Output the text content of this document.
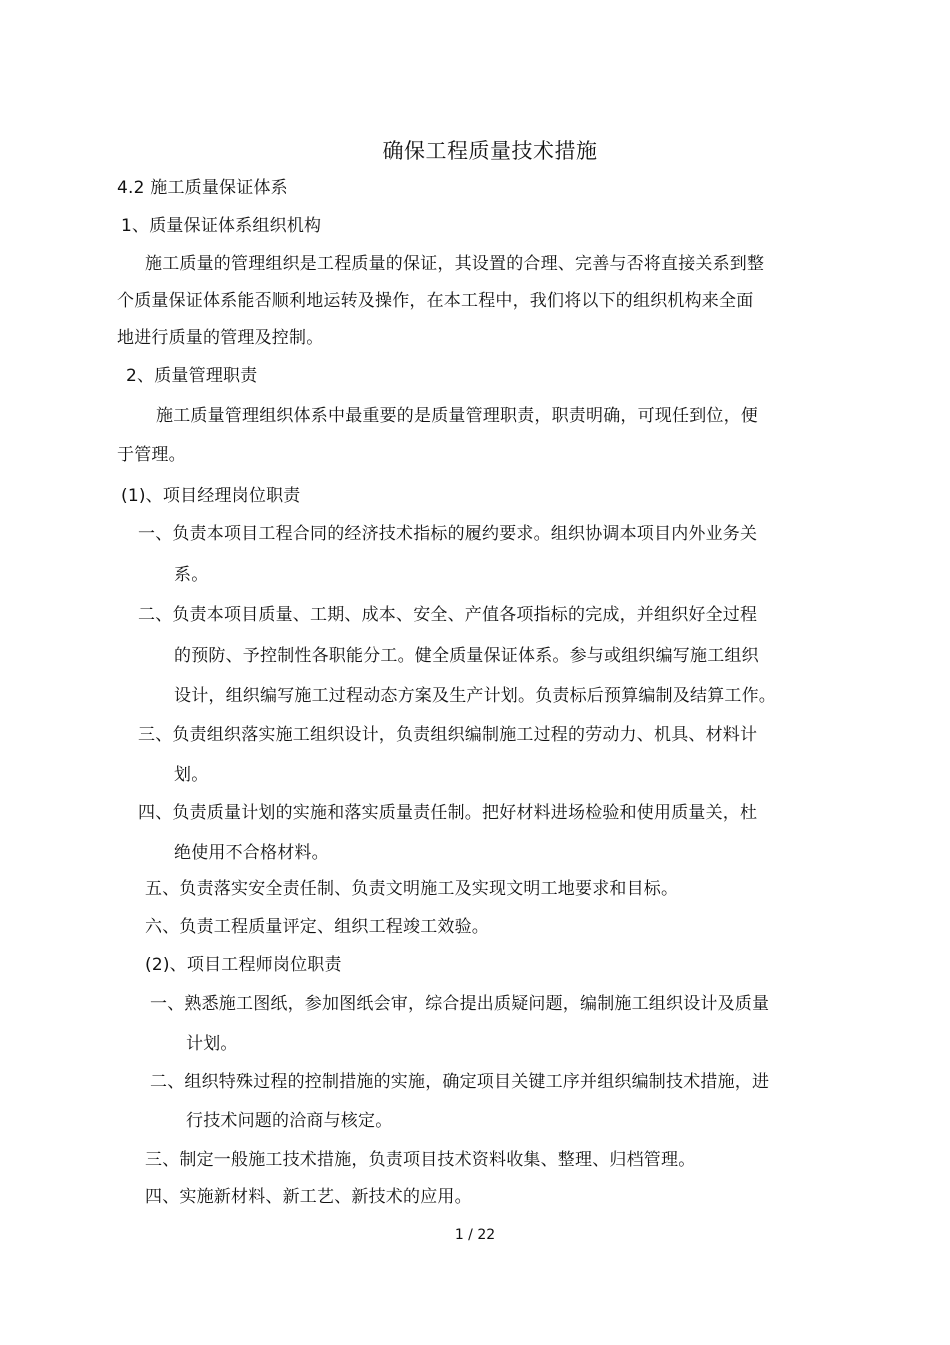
确保工程质量技术措施
4.2 施工质量保证体系
1、质量保证体系组织机构
施工质量的管理组织是工程质量的保证，其设置的合理、完善与否将直接关系到整
个质量保证体系能否顺利地运转及操作，在本工程中，我们将以下的组织机构来全面
地进行质量的管理及控制。
2、质量管理职责
施工质量管理组织体系中最重要的是质量管理职责，职责明确，可现任到位，便
于管理。
(1)、项目经理岗位职责
一、负责本项目工程合同的经济技术指标的履约要求。组织协调本项目内外业务关
系。
二、负责本项目质量、工期、成本、安全、产值各项指标的完成，并组织好全过程
的预防、予控制性各职能分工。健全质量保证体系。参与或组织编写施工组织
设计，组织编写施工过程动态方案及生产计划。负责标后预算编制及结算工作。
三、负责组织落实施工组织设计，负责组织编制施工过程的劳动力、机具、材料计
划。
四、负责质量计划的实施和落实质量责任制。把好材料进场检验和使用质量关，杜
绝使用不合格材料。
五、负责落实安全责任制、负责文明施工及实现文明工地要求和目标。
六、负责工程质量评定、组织工程竣工效验。
(2)、项目工程师岗位职责
一、熟悉施工图纸，参加图纸会审，综合提出质疑问题，编制施工组织设计及质量
计划。
二、组织特殊过程的控制措施的实施，确定项目关键工序并组织编制技术措施，进
行技术问题的洽商与核定。
三、制定一般施工技术措施，负责项目技术资料收集、整理、归档管理。
四、实施新材料、新工艺、新技术的应用。
1 / 22
